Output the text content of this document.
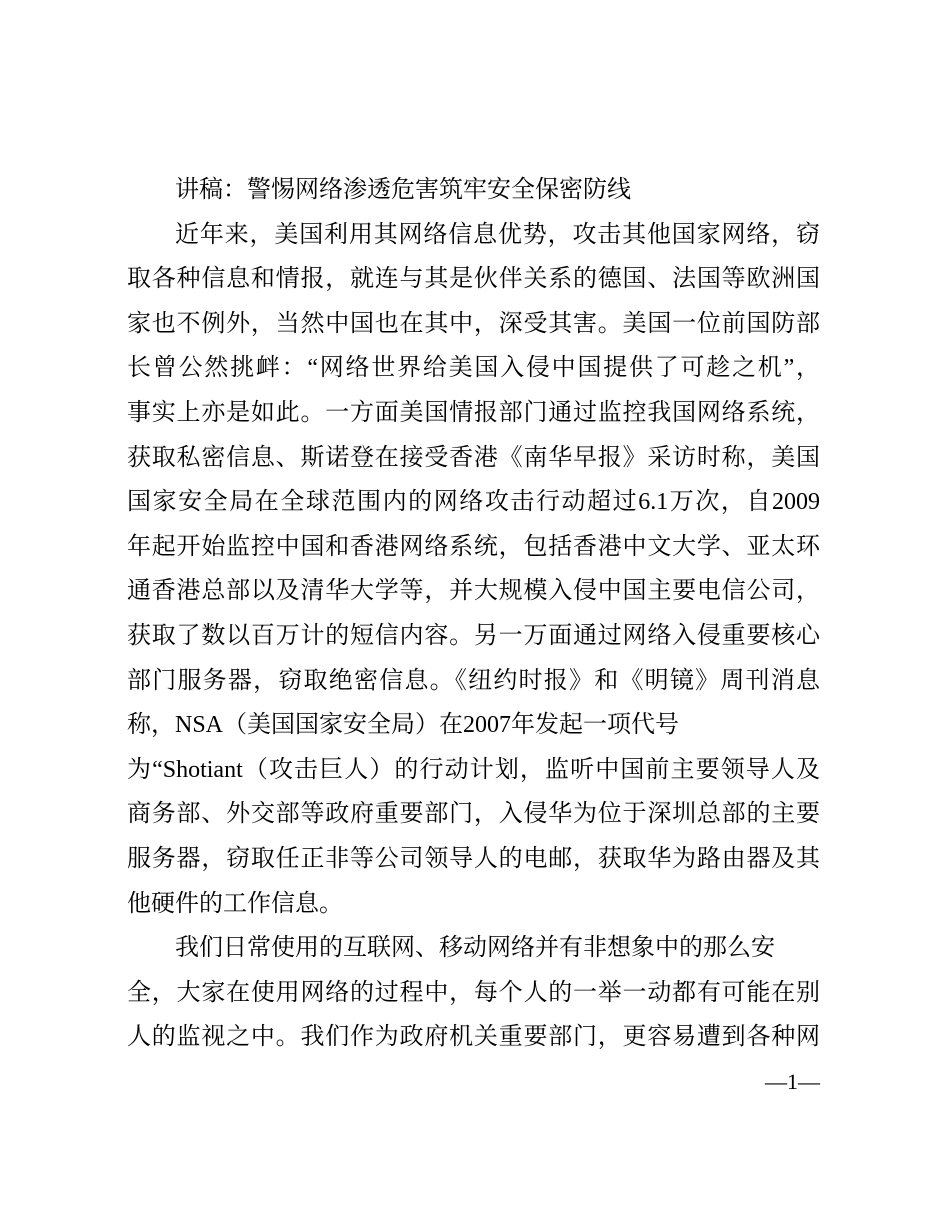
讲稿：警惕网络渗透危害筑牢安全保密防线
近年来，美国利用其网络信息优势，攻击其他国家网络，窃
取各种信息和情报，就连与其是伙伴关系的德国、法国等欧洲国
家也不例外，当然中国也在其中，深受其害。美国一位前国防部
长曾公然挑衅：“网络世界给美国入侵中国提供了可趁之机”，
事实上亦是如此。一方面美国情报部门通过监控我国网络系统，
获取私密信息、斯诺登在接受香港《南华早报》采访时称，美国
国家安全局在全球范围内的网络攻击行动超过6.1万次，自2009
年起开始监控中国和香港网络系统，包括香港中文大学、亚太环
通香港总部以及清华大学等，并大规模入侵中国主要电信公司，
获取了数以百万计的短信内容。另一万面通过网络入侵重要核心
部门服务器，窃取绝密信息。《纽约时报》和《明镜》周刊消息
称，NSA（美国国家安全局）在2007年发起一项代号
为“Shotiant（攻击巨人）的行动计划，监听中国前主要领导人及
商务部、外交部等政府重要部门，入侵华为位于深圳总部的主要
服务器，窃取任正非等公司领导人的电邮，获取华为路由器及其
他硬件的工作信息。
我们日常使用的互联网、移动网络并有非想象中的那么安
全，大家在使用网络的过程中，每个人的一举一动都有可能在别
人的监视之中。我们作为政府机关重要部门，更容易遭到各种网
—1—
